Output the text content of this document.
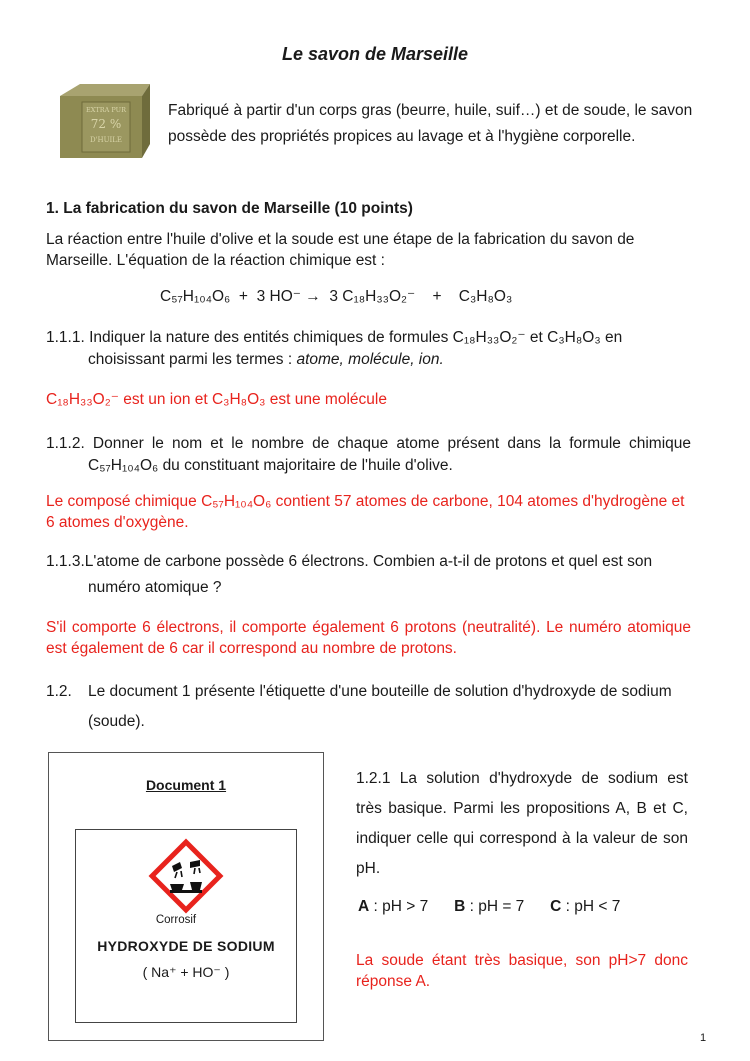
Le savon de Marseille
EXTRA PUR
72 %
D'HUILE
Fabriqué à partir d'un corps gras (beurre, huile, suif…) et de soude, le savon possède des propriétés propices au lavage et à l'hygiène corporelle.
1. La fabrication du savon de Marseille (10 points)
La réaction entre l'huile d'olive et la soude est une étape de la fabrication du savon de Marseille. L'équation de la réaction chimique est :
C₅₇H₁₀₄O₆ + 3 HO⁻ → 3 C₁₈H₃₃O₂⁻ + C₃H₈O₃
1.1.1. Indiquer la nature des entités chimiques de formules C₁₈H₃₃O₂⁻ et C₃H₈O₃ en choisissant parmi les termes : atome, molécule, ion.
C₁₈H₃₃O₂⁻ est un ion et C₃H₈O₃ est une molécule
1.1.2. Donner le nom et le nombre de chaque atome présent dans la formule chimique C₅₇H₁₀₄O₆ du constituant majoritaire de l'huile d'olive.
Le composé chimique C₅₇H₁₀₄O₆ contient 57 atomes de carbone, 104 atomes d'hydrogène et 6 atomes d'oxygène.
1.1.3.L'atome de carbone possède 6 électrons. Combien a-t-il de protons et quel est son numéro atomique ?
S'il comporte 6 électrons, il comporte également 6 protons (neutralité). Le numéro atomique est également de 6 car il correspond au nombre de protons.
1.2. Le document 1 présente l'étiquette d'une bouteille de solution d'hydroxyde de sodium (soude).
Document 1
Corrosif
HYDROXYDE DE SODIUM
( Na⁺ + HO⁻ )
1.2.1 La solution d'hydroxyde de sodium est très basique. Parmi les propositions A, B et C, indiquer celle qui correspond à la valeur de son pH.
A : pH > 7 B : pH = 7 C : pH < 7
La soude étant très basique, son pH>7 donc réponse A.
1
